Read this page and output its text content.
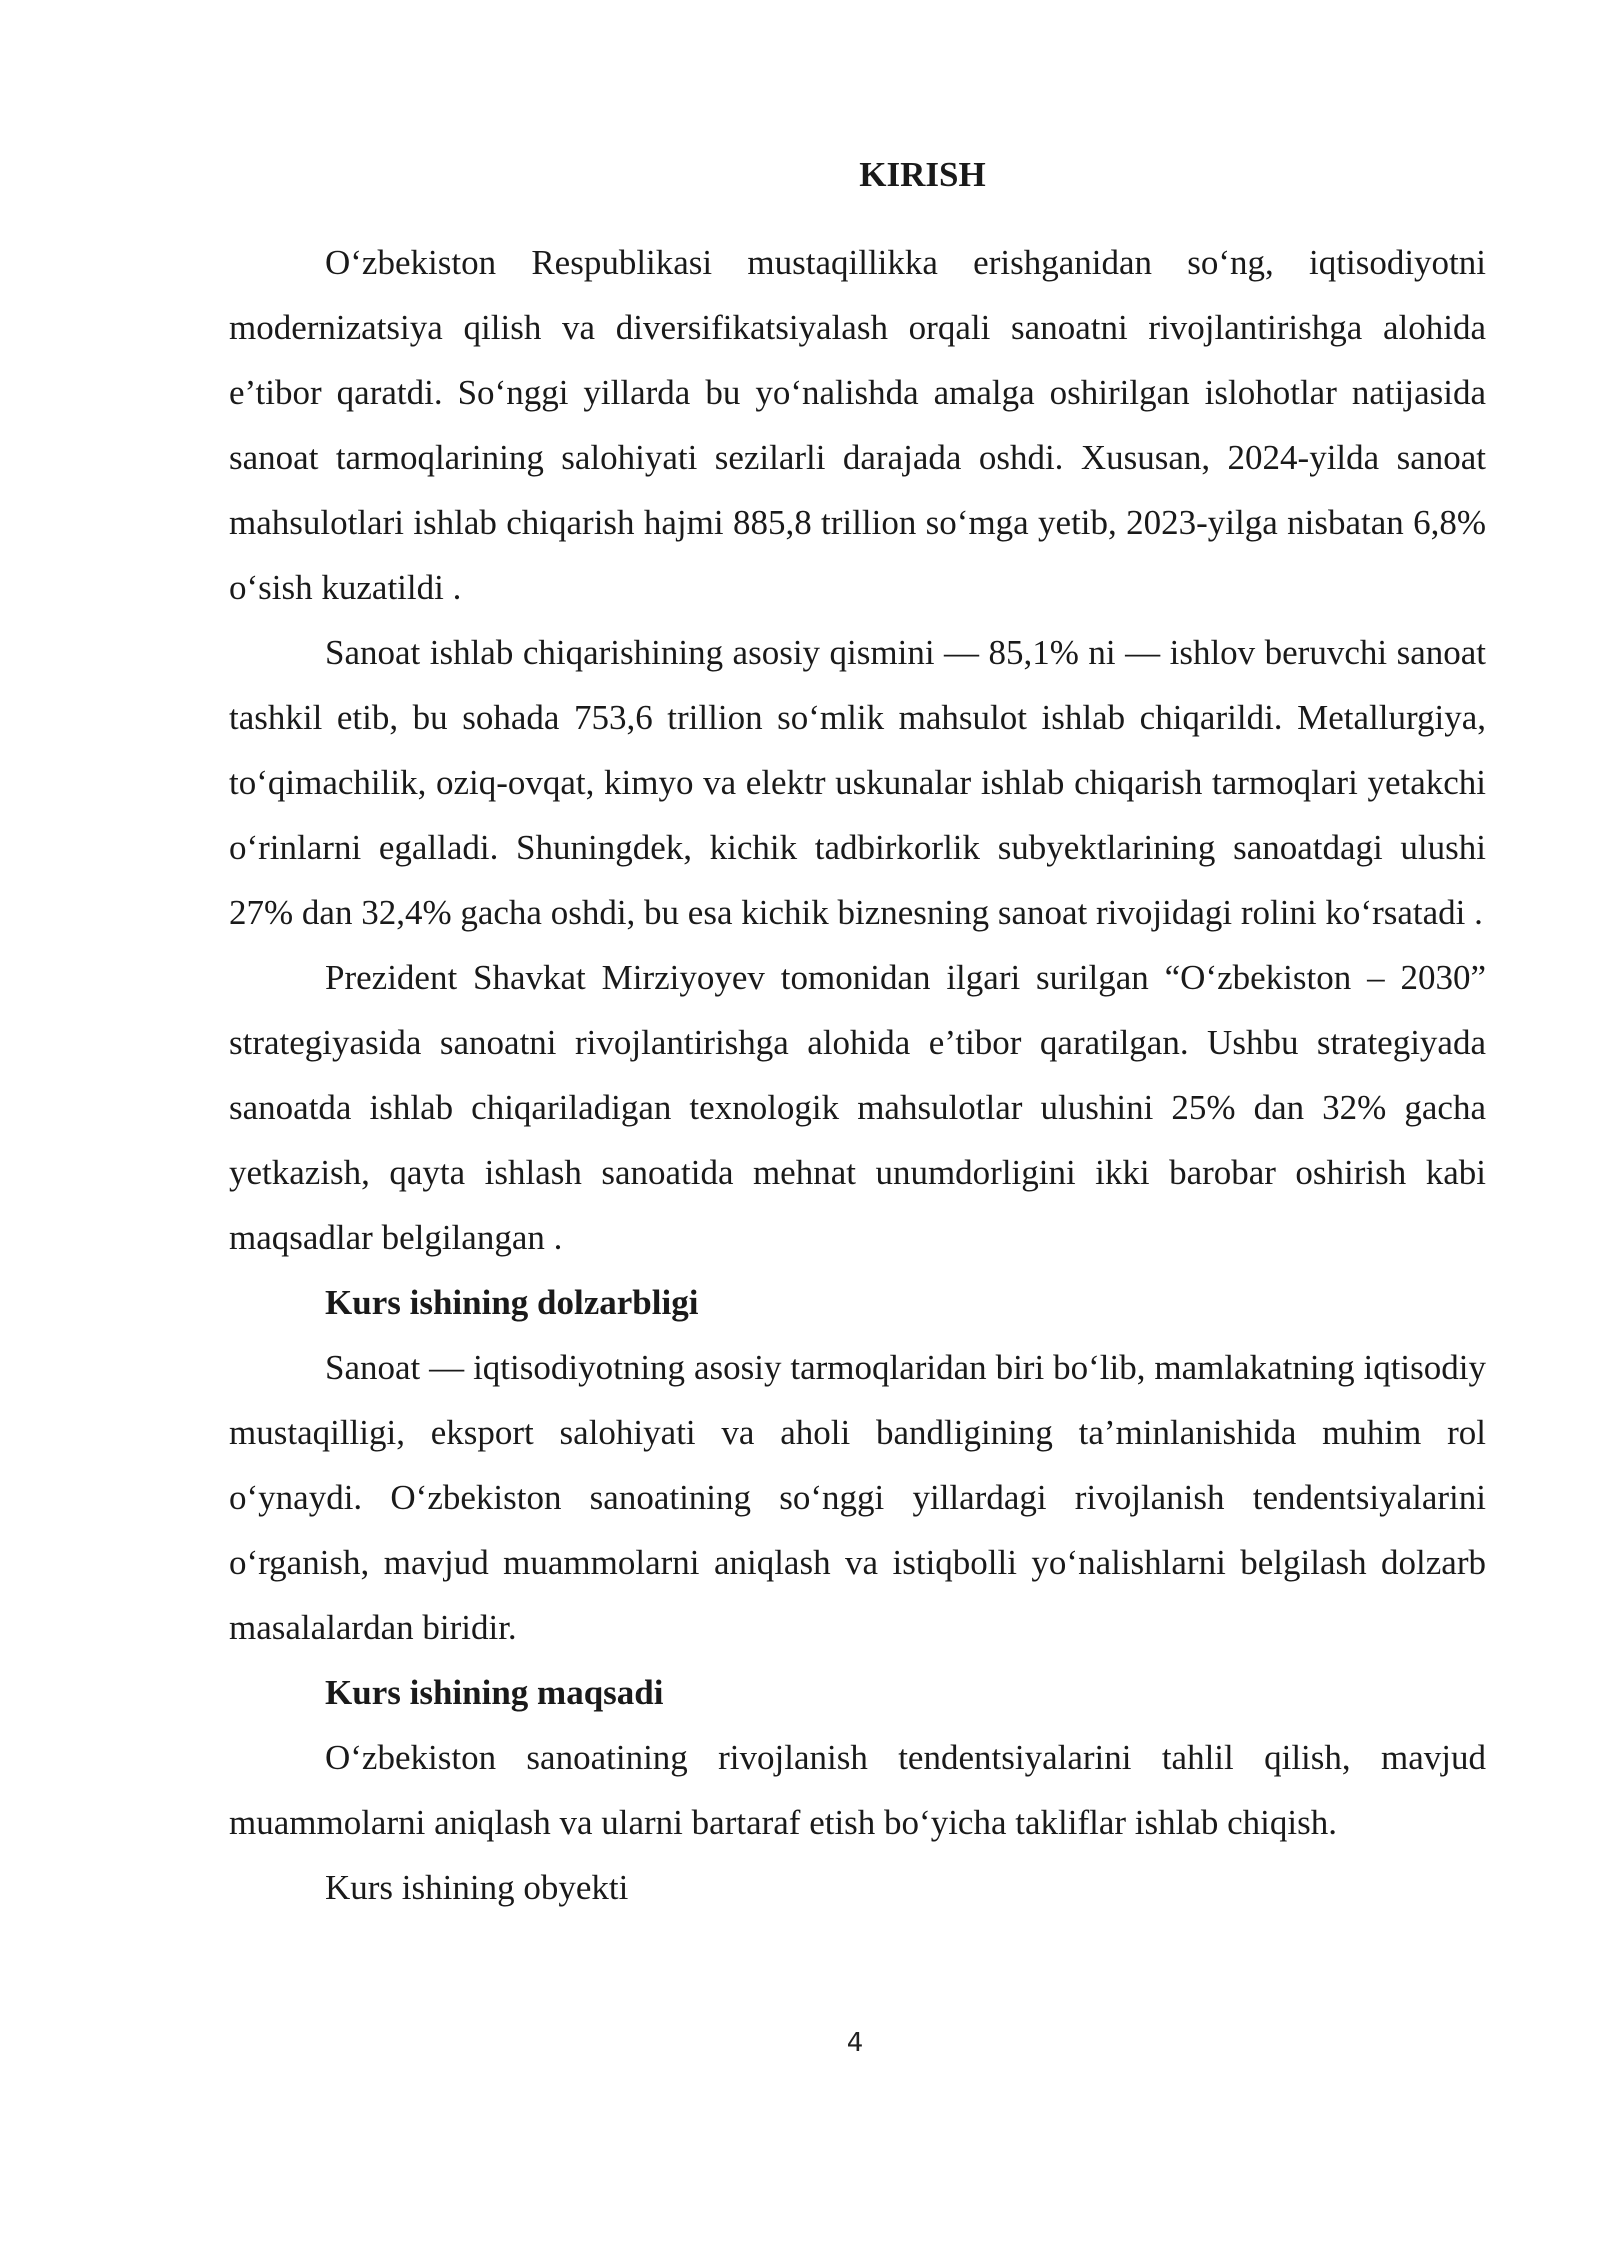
KIRISH

O‘zbekiston Respublikasi mustaqillikka erishganidan so‘ng, iqtisodiyotni modernizatsiya qilish va diversifikatsiyalash orqali sanoatni rivojlantirishga alohida e’tibor qaratdi. So‘nggi yillarda bu yo‘nalishda amalga oshirilgan islohotlar natijasida sanoat tarmoqlarining salohiyati sezilarli darajada oshdi. Xususan, 2024-yilda sanoat mahsulotlari ishlab chiqarish hajmi 885,8 trillion so‘mga yetib, 2023-yilga nisbatan 6,8% o‘sish kuzatildi .

Sanoat ishlab chiqarishining asosiy qismini — 85,1% ni — ishlov beruvchi sanoat tashkil etib, bu sohada 753,6 trillion so‘mlik mahsulot ishlab chiqarildi. Metallurgiya, to‘qimachilik, oziq-ovqat, kimyo va elektr uskunalar ishlab chiqarish tarmoqlari yetakchi o‘rinlarni egalladi. Shuningdek, kichik tadbirkorlik subyektlarining sanoatdagi ulushi 27% dan 32,4% gacha oshdi, bu esa kichik biznesning sanoat rivojidagi rolini ko‘rsatadi .

Prezident Shavkat Mirziyoyev tomonidan ilgari surilgan “O‘zbekiston – 2030” strategiyasida sanoatni rivojlantirishga alohida e’tibor qaratilgan. Ushbu strategiyada sanoatda ishlab chiqariladigan texnologik mahsulotlar ulushini 25% dan 32% gacha yetkazish, qayta ishlash sanoatida mehnat unumdorligini ikki barobar oshirish kabi maqsadlar belgilangan .

Kurs ishining dolzarbligi

Sanoat — iqtisodiyotning asosiy tarmoqlaridan biri bo‘lib, mamlakatning iqtisodiy mustaqilligi, eksport salohiyati va aholi bandligining ta’minlanishida muhim rol o‘ynaydi. O‘zbekiston sanoatining so‘nggi yillardagi rivojlanish tendentsiyalarini o‘rganish, mavjud muammolarni aniqlash va istiqbolli yo‘nalishlarni belgilash dolzarb masalalardan biridir.

Kurs ishining maqsadi

O‘zbekiston sanoatining rivojlanish tendentsiyalarini tahlil qilish, mavjud muammolarni aniqlash va ularni bartaraf etish bo‘yicha takliflar ishlab chiqish.

Kurs ishining obyekti

4
